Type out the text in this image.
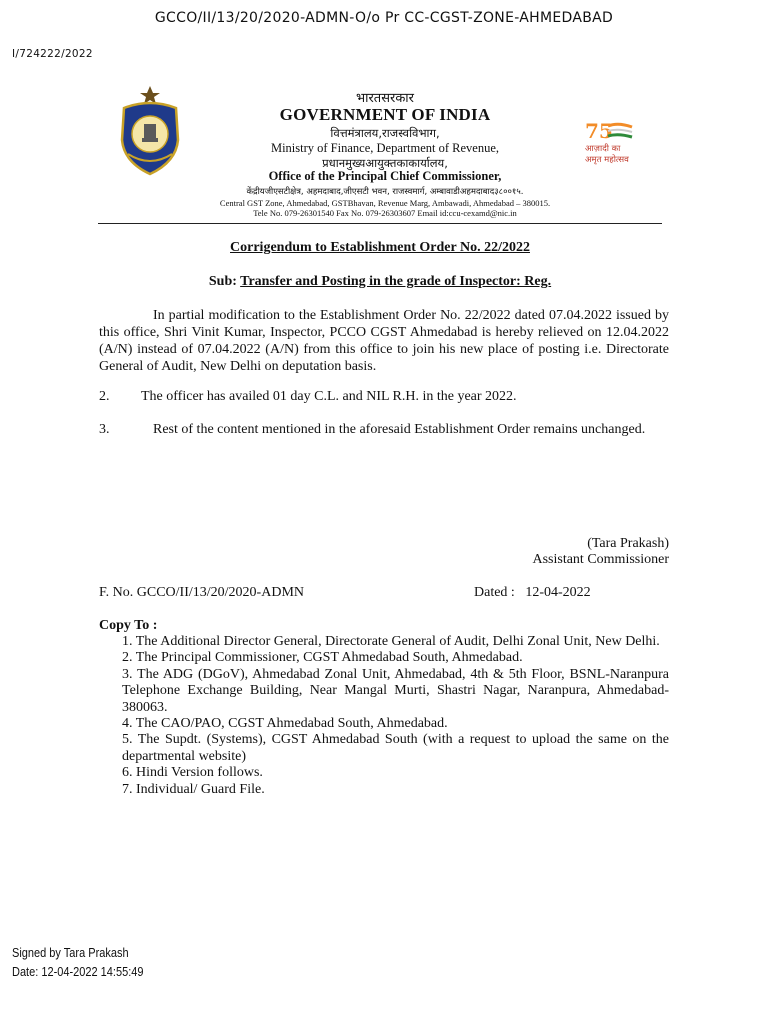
GCCO/II/13/20/2020-ADMN-O/o Pr CC-CGST-ZONE-AHMEDABAD
I/724222/2022
75
आज़ादी का
अमृत महोत्सव
भारतसरकार
GOVERNMENT OF INDIA
वित्तमंत्रालय,राजस्वविभाग,
Ministry of Finance, Department of Revenue,
प्रधानमुख्यआयुक्तकाकार्यालय,
Office of the Principal Chief Commissioner,
केंद्रीयजीएसटीक्षेत्र, अहमदाबाद,जीएसटी भवन, राजस्वमार्ग, अम्बावाडीअहमदाबाद३८००१५.
Central GST Zone, Ahmedabad, GSTBhavan, Revenue Marg, Ambawadi, Ahmedabad – 380015.
Tele No. 079-26301540 Fax No. 079-26303607 Email id:ccu-cexamd@nic.in
Corrigendum to Establishment Order No. 22/2022
Sub: Transfer and Posting in the grade of Inspector: Reg.
In partial modification to the Establishment Order No. 22/2022 dated 07.04.2022 issued by this office, Shri Vinit Kumar, Inspector, PCCO CGST Ahmedabad is hereby relieved on 12.04.2022 (A/N) instead of 07.04.2022 (A/N) from this office to join his new place of posting i.e. Directorate General of Audit, New Delhi on deputation basis.
2. The officer has availed 01 day C.L. and NIL R.H. in the year 2022.
3.	Rest of the content mentioned in the aforesaid Establishment Order remains unchanged.
(Tara Prakash)
Assistant Commissioner
F. No. GCCO/II/13/20/2020-ADMN	Dated :   12-04-2022
Copy To :
1. The Additional Director General, Directorate General of Audit, Delhi Zonal Unit, New Delhi.
2. The Principal Commissioner, CGST Ahmedabad South, Ahmedabad.
3. The ADG (DGoV), Ahmedabad Zonal Unit, Ahmedabad, 4th & 5th Floor, BSNL-Naranpura Telephone Exchange Building, Near Mangal Murti, Shastri Nagar, Naranpura, Ahmedabad-380063.
4. The CAO/PAO, CGST Ahmedabad South, Ahmedabad.
5. The Supdt. (Systems), CGST Ahmedabad South (with a request to upload the same on the departmental website)
6. Hindi Version follows.
7. Individual/ Guard File.
Signed by Tara Prakash
Date: 12-04-2022 14:55:49
